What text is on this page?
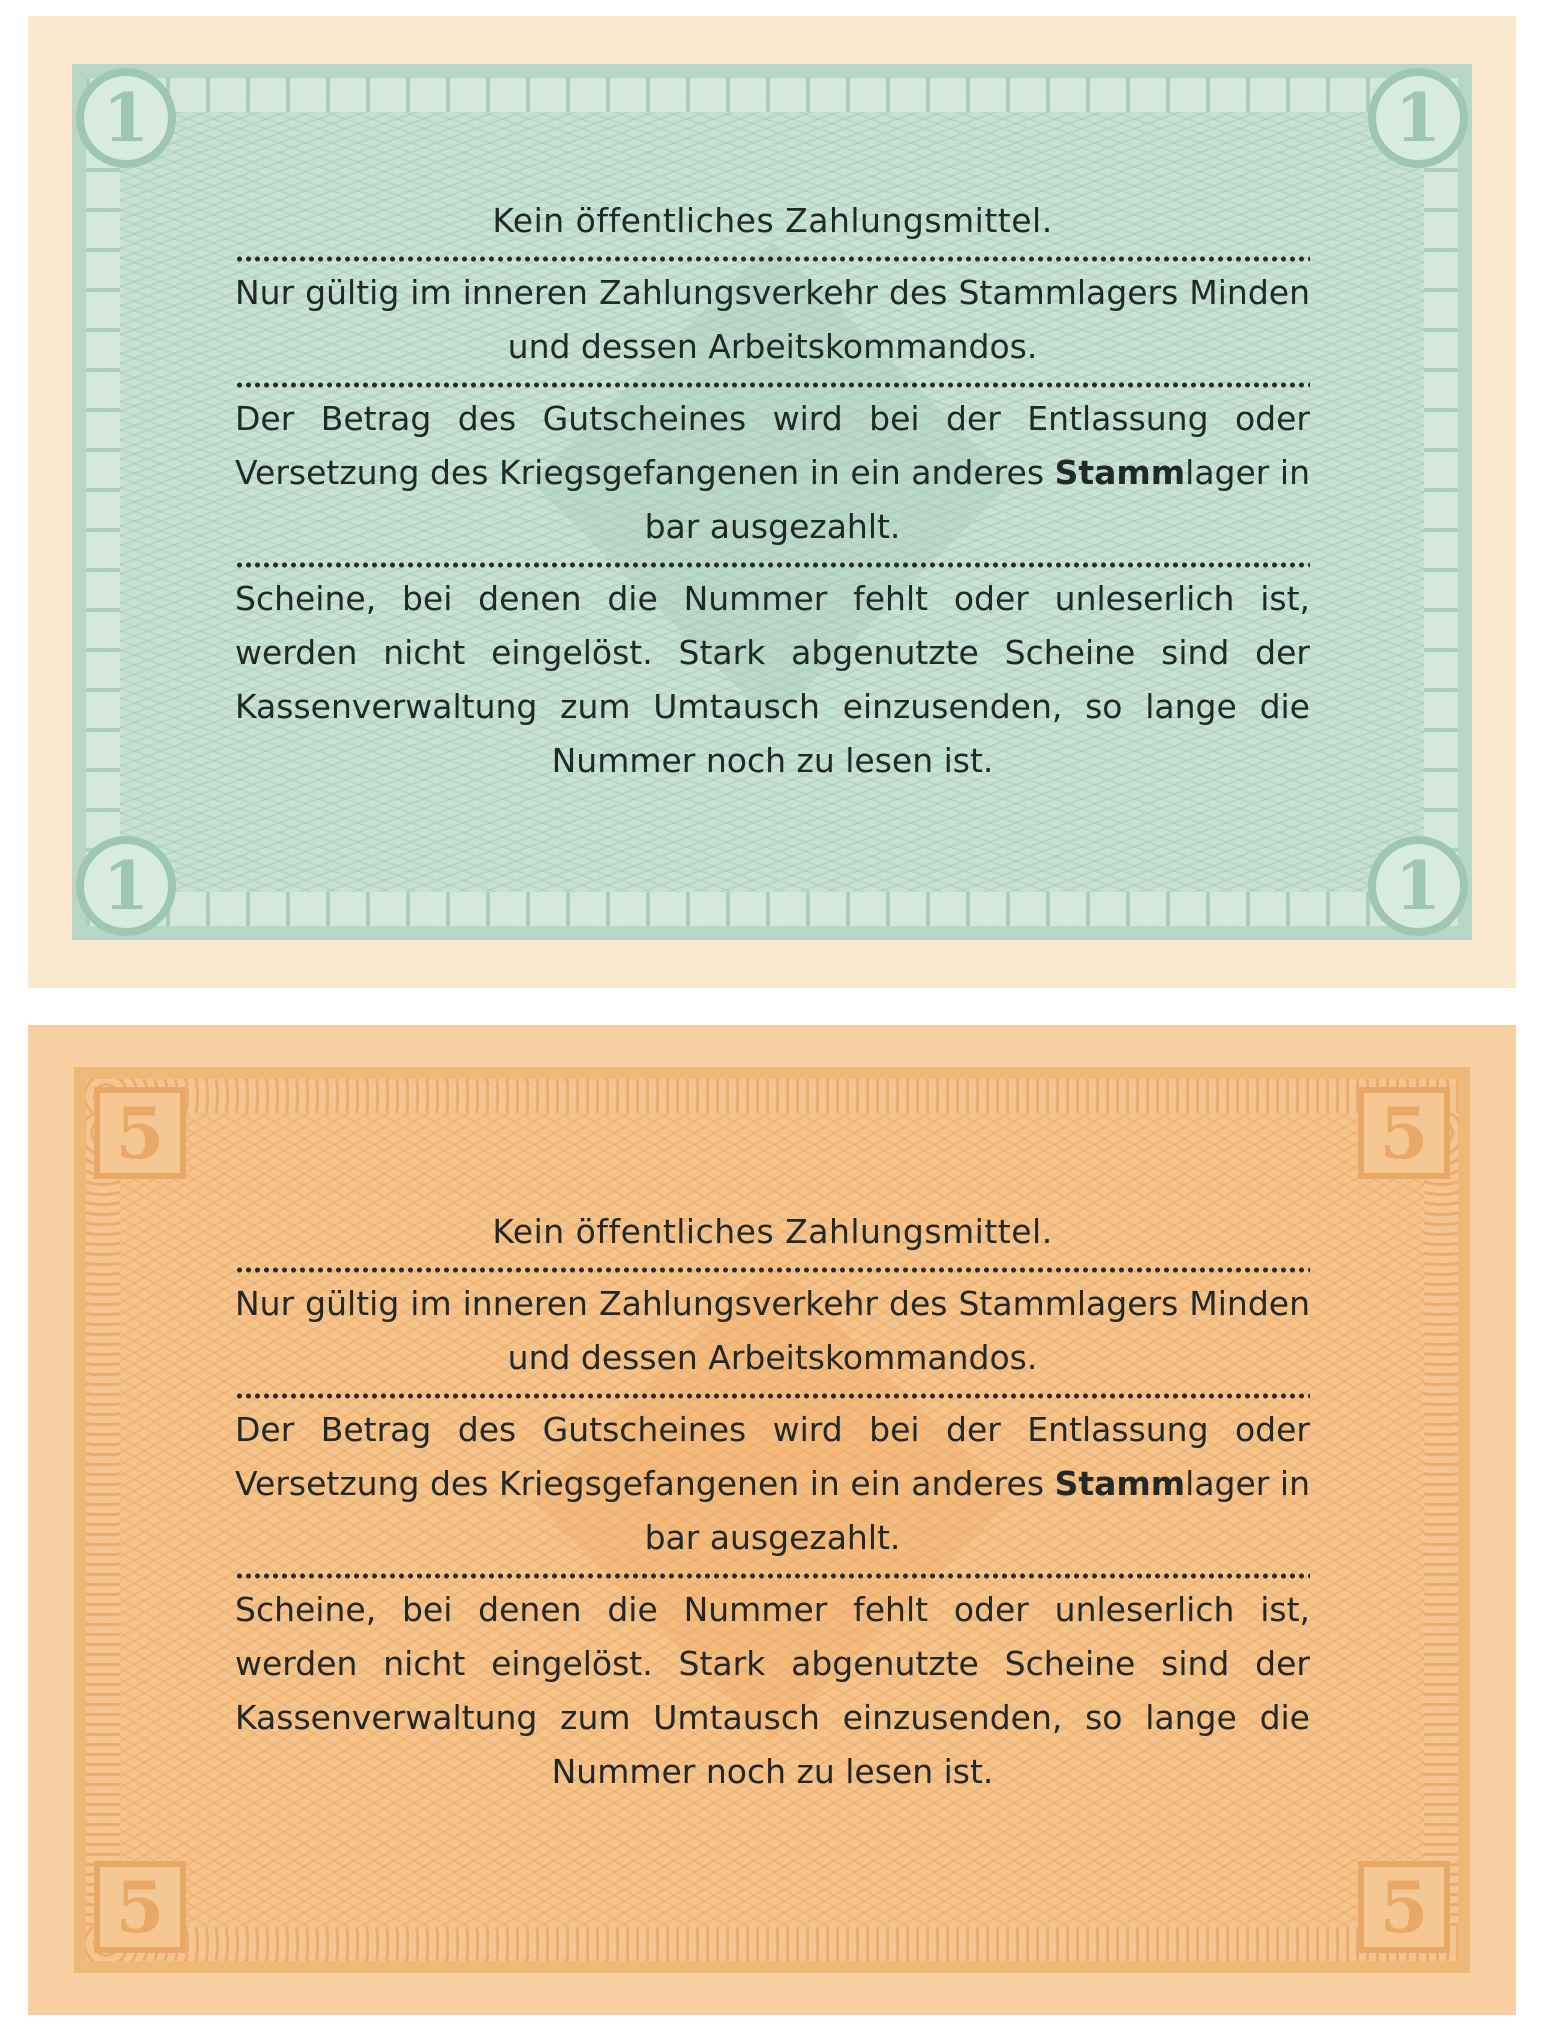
1	1
1	1
Kein öffentliches Zahlungsmittel.
Nur gültig im inneren Zahlungsverkehr des Stammlagers Minden und dessen Arbeitskommandos.
Der Betrag des Gutscheines wird bei der Entlassung oder Versetzung des Kriegsgefangenen in ein anderes Stammlager in bar ausgezahlt.
Scheine, bei denen die Nummer fehlt oder unleserlich ist, werden nicht eingelöst. Stark abgenutzte Scheine sind der Kassenverwaltung zum Umtausch einzusenden, so lange die Nummer noch zu lesen ist.
5	5
5	5
Kein öffentliches Zahlungsmittel.
Nur gültig im inneren Zahlungsverkehr des Stammlagers Minden und dessen Arbeitskommandos.
Der Betrag des Gutscheines wird bei der Entlassung oder Versetzung des Kriegsgefangenen in ein anderes Stammlager in bar ausgezahlt.
Scheine, bei denen die Nummer fehlt oder unleserlich ist, werden nicht eingelöst. Stark abgenutzte Scheine sind der Kassenverwaltung zum Umtausch einzusenden, so lange die Nummer noch zu lesen ist.
